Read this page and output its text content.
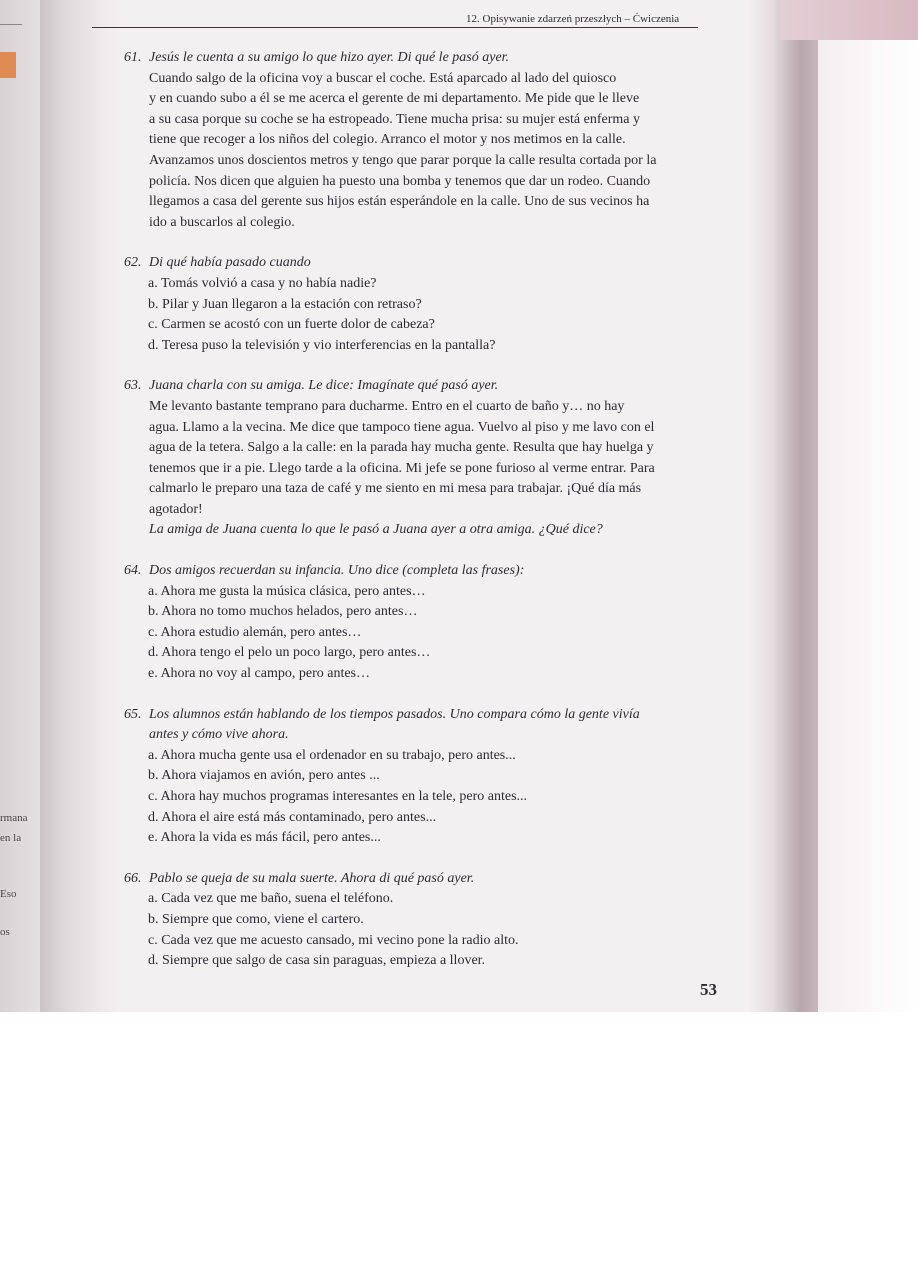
rmana
en la
Eso
os
12. Opisywanie zdarzeń przeszłych – Ćwiczenia
61. Jesús le cuenta a su amigo lo que hizo ayer. Di qué le pasó ayer.
Cuando salgo de la oficina voy a buscar el coche. Está aparcado al lado del quiosco
y en cuando subo a él se me acerca el gerente de mi departamento. Me pide que le lleve
a su casa porque su coche se ha estropeado. Tiene mucha prisa: su mujer está enferma y
tiene que recoger a los niños del colegio. Arranco el motor y nos metimos en la calle.
Avanzamos unos doscientos metros y tengo que parar porque la calle resulta cortada por la
policía. Nos dicen que alguien ha puesto una bomba y tenemos que dar un rodeo. Cuando
llegamos a casa del gerente sus hijos están esperándole en la calle. Uno de sus vecinos ha
ido a buscarlos al colegio.
62. Di qué había pasado cuando
a. Tomás volvió a casa y no había nadie?
b. Pilar y Juan llegaron a la estación con retraso?
c. Carmen se acostó con un fuerte dolor de cabeza?
d. Teresa puso la televisión y vio interferencias en la pantalla?
63. Juana charla con su amiga. Le dice: Imagínate qué pasó ayer.
Me levanto bastante temprano para ducharme. Entro en el cuarto de baño y… no hay
agua. Llamo a la vecina. Me dice que tampoco tiene agua. Vuelvo al piso y me lavo con el
agua de la tetera. Salgo a la calle: en la parada hay mucha gente. Resulta que hay huelga y
tenemos que ir a pie. Llego tarde a la oficina. Mi jefe se pone furioso al verme entrar. Para
calmarlo le preparo una taza de café y me siento en mi mesa para trabajar. ¡Qué día más
agotador!
La amiga de Juana cuenta lo que le pasó a Juana ayer a otra amiga. ¿Qué dice?
64. Dos amigos recuerdan su infancia. Uno dice (completa las frases):
a. Ahora me gusta la música clásica, pero antes…
b. Ahora no tomo muchos helados, pero antes…
c. Ahora estudio alemán, pero antes…
d. Ahora tengo el pelo un poco largo, pero antes…
e. Ahora no voy al campo, pero antes…
65. Los alumnos están hablando de los tiempos pasados. Uno compara cómo la gente vivía
antes y cómo vive ahora.
a. Ahora mucha gente usa el ordenador en su trabajo, pero antes...
b. Ahora viajamos en avión, pero antes ...
c. Ahora hay muchos programas interesantes en la tele, pero antes...
d. Ahora el aire está más contaminado, pero antes...
e. Ahora la vida es más fácil, pero antes...
66. Pablo se queja de su mala suerte. Ahora di qué pasó ayer.
a. Cada vez que me baño, suena el teléfono.
b. Siempre que como, viene el cartero.
c. Cada vez que me acuesto cansado, mi vecino pone la radio alto.
d. Siempre que salgo de casa sin paraguas, empieza a llover.
53
